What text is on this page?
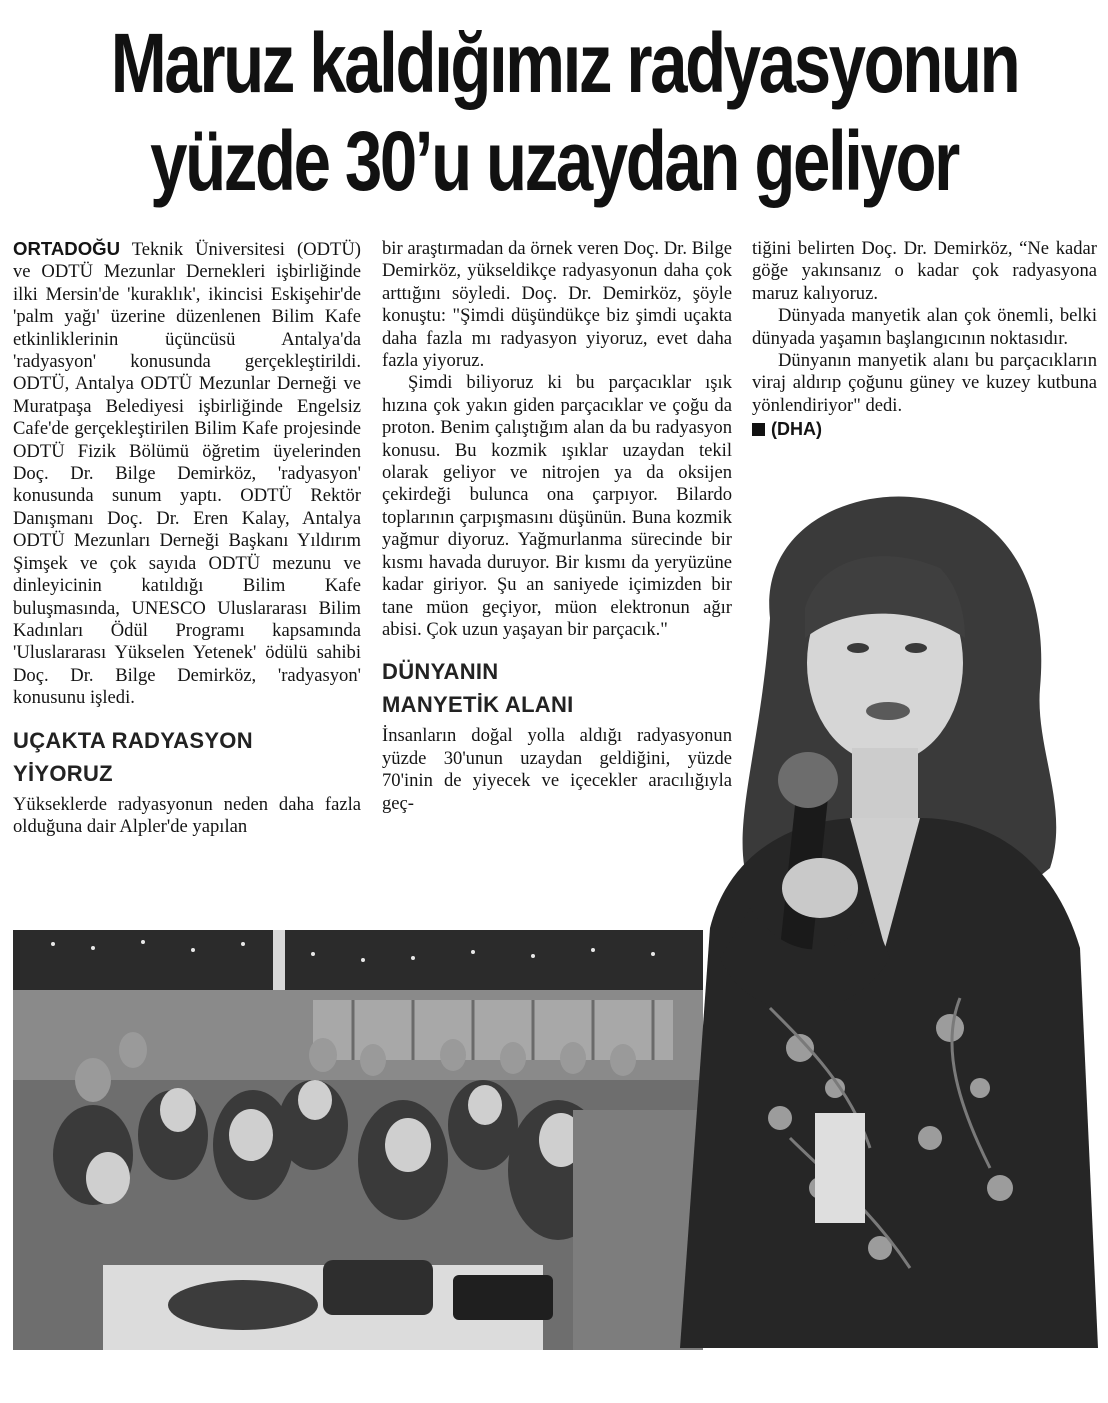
Maruz kaldığımız radyasyonun
yüzde 30’u uzaydan geliyor

ORTADOĞU Teknik Üniversitesi (ODTÜ) ve ODTÜ Mezunlar Dernekleri işbirliğinde ilki Mersin'de 'kuraklık', ikincisi Eskişehir'de 'palm yağı' üzerine düzenlenen Bilim Kafe etkinliklerinin üçüncüsü Antalya'da 'radyasyon' konusunda gerçekleştirildi. ODTÜ, Antalya ODTÜ Mezunlar Derneği ve Muratpaşa Belediyesi işbirliğinde Engelsiz Cafe'de gerçekleştirilen Bilim Kafe projesinde ODTÜ Fizik Bölümü öğretim üyelerinden Doç. Dr. Bilge Demirköz, 'radyasyon' konusunda sunum yaptı. ODTÜ Rektör Danışmanı Doç. Dr. Eren Kalay, Antalya ODTÜ Mezunları Derneği Başkanı Yıldırım Şimşek ve çok sayıda ODTÜ mezunu ve dinleyicinin katıldığı Bilim Kafe buluşmasında, UNESCO Uluslararası Bilim Kadınları Ödül Programı kapsamında 'Uluslararası Yükselen Yetenek' ödülü sahibi Doç. Dr. Bilge Demirköz, 'radyasyon' konusunu işledi.

UÇAKTA RADYASYON
YİYORUZ

Yükseklerde radyasyonun neden daha fazla olduğuna dair Alpler'de yapılan

bir araştırmadan da örnek veren Doç. Dr. Bilge Demirköz, yükseldikçe radyasyonun daha çok arttığını söyledi. Doç. Dr. Demirköz, şöyle konuştu: "Şimdi düşündükçe biz şimdi uçakta daha fazla mı radyasyon yiyoruz, evet daha fazla yiyoruz.

Şimdi biliyoruz ki bu parçacıklar ışık hızına çok yakın giden parçacıklar ve çoğu da proton. Benim çalıştığım alan da bu radyasyon konusu. Bu kozmik ışıklar uzaydan tekil olarak geliyor ve nitrojen ya da oksijen çekirdeği bulunca ona çarpıyor. Bilardo toplarının çarpışmasını düşünün. Buna kozmik yağmur diyoruz. Yağmurlanma sürecinde bir kısmı havada duruyor. Bir kısmı da yeryüzüne kadar giriyor. Şu an saniyede içimizden bir tane müon geçiyor, müon elektronun ağır abisi. Çok uzun yaşayan bir parçacık."

DÜNYANIN
MANYETİK ALANI

İnsanların doğal yolla aldığı radyasyonun yüzde 30'unun uzaydan geldiğini, yüzde 70'inin de yiyecek ve içecekler aracılığıyla geç-

tiğini belirten Doç. Dr. Demirköz, “Ne kadar göğe yakınsanız o kadar çok radyasyona maruz kalıyoruz.

Dünyada manyetik alan çok önemli, belki dünyada yaşamın başlangıcının noktasıdır.

Dünyanın manyetik alanı bu parçacıkların viraj aldırıp çoğunu güney ve kuzey kutbuna yönlendiriyor" dedi.

(DHA)
